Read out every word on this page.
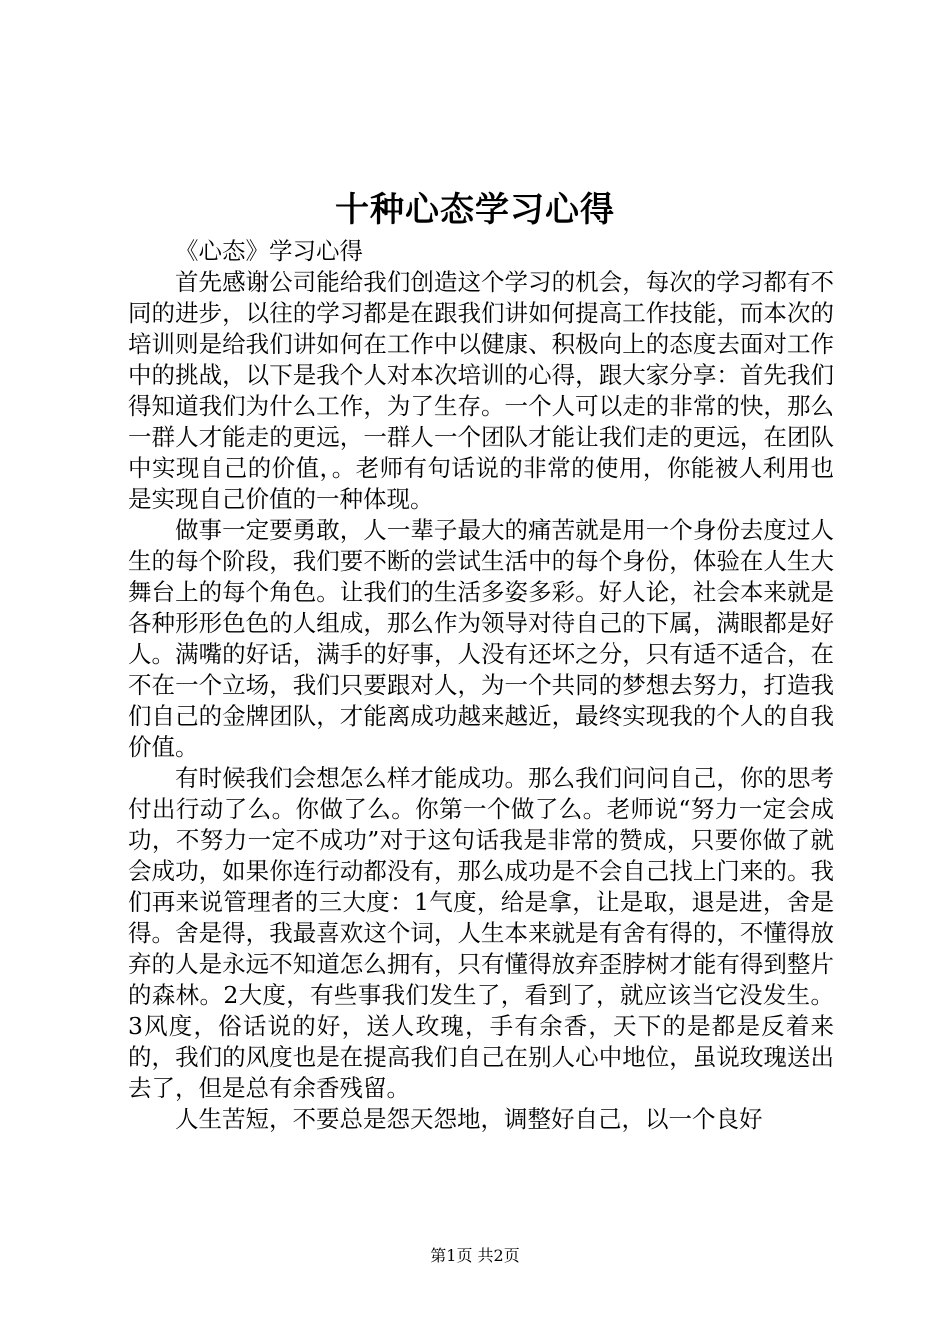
十种心态学习心得

《心态》学习心得

首先感谢公司能给我们创造这个学习的机会，每次的学习都有不同的进步，以往的学习都是在跟我们讲如何提高工作技能，而本次的培训则是给我们讲如何在工作中以健康、积极向上的态度去面对工作中的挑战，以下是我个人对本次培训的心得，跟大家分享：首先我们得知道我们为什么工作，为了生存。一个人可以走的非常的快，那么一群人才能走的更远，一群人一个团队才能让我们走的更远，在团队中实现自己的价值，。老师有句话说的非常的使用，你能被人利用也是实现自己价值的一种体现。

做事一定要勇敢，人一辈子最大的痛苦就是用一个身份去度过人生的每个阶段，我们要不断的尝试生活中的每个身份，体验在人生大舞台上的每个角色。让我们的生活多姿多彩。好人论，社会本来就是各种形形色色的人组成，那么作为领导对待自己的下属，满眼都是好人。满嘴的好话，满手的好事，人没有还坏之分，只有适不适合，在不在一个立场，我们只要跟对人，为一个共同的梦想去努力，打造我们自己的金牌团队，才能离成功越来越近，最终实现我的个人的自我价值。

有时候我们会想怎么样才能成功。那么我们问问自己，你的思考付出行动了么。你做了么。你第一个做了么。老师说“努力一定会成功，不努力一定不成功”对于这句话我是非常的赞成，只要你做了就会成功，如果你连行动都没有，那么成功是不会自己找上门来的。我们再来说管理者的三大度：1气度，给是拿，让是取，退是进，舍是得。舍是得，我最喜欢这个词，人生本来就是有舍有得的，不懂得放弃的人是永远不知道怎么拥有，只有懂得放弃歪脖树才能有得到整片的森林。2大度，有些事我们发生了，看到了，就应该当它没发生。3风度，俗话说的好，送人玫瑰，手有余香，天下的是都是反着来的，我们的风度也是在提高我们自己在别人心中地位，虽说玫瑰送出去了，但是总有余香残留。

人生苦短，不要总是怨天怨地，调整好自己，以一个良好

第1页 共2页
